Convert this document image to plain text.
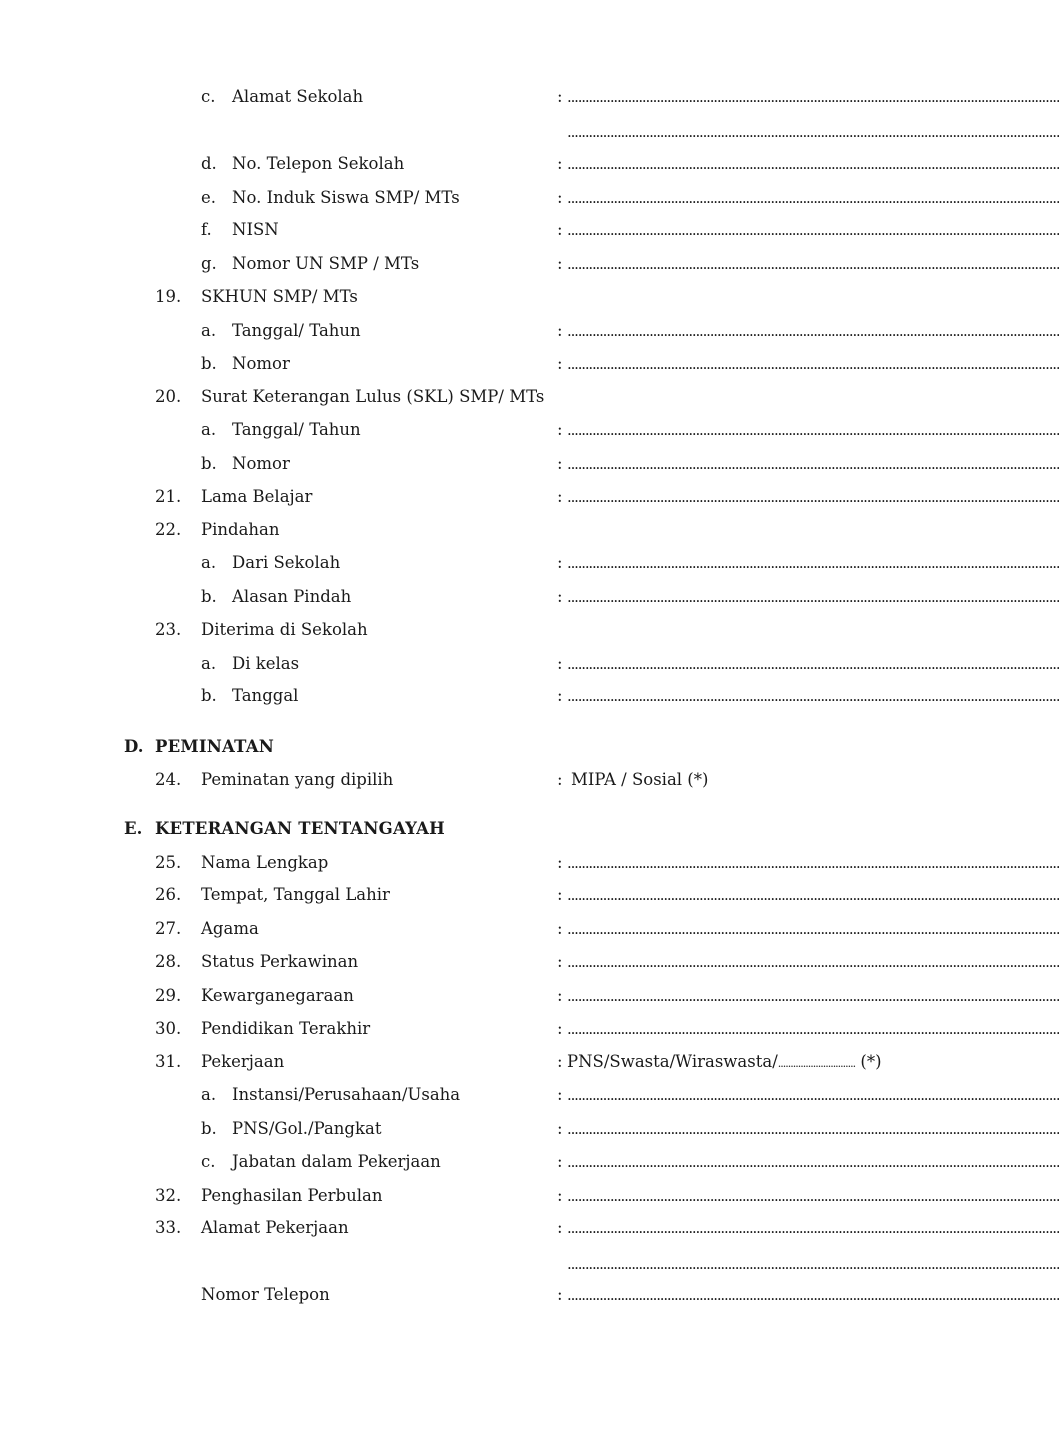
c. Alamat Sekolah	: ..........................................................................................................................................
..........................................................................................................................................
d. No. Telepon Sekolah	: ..........................................................................................................................................
e. No. Induk Siswa SMP/ MTs	: ..........................................................................................................................................
f. NISN	: ..........................................................................................................................................
g. Nomor UN SMP / MTs	: ..........................................................................................................................................
19. SKHUN SMP/ MTs
a. Tanggal/ Tahun	: ..........................................................................................................................................
b. Nomor	: ..........................................................................................................................................
20. Surat Keterangan Lulus (SKL) SMP/ MTs
a. Tanggal/ Tahun	: ..........................................................................................................................................
b. Nomor	: ..........................................................................................................................................
21. Lama Belajar	: ..........................................................................................................................................
22. Pindahan
a. Dari Sekolah	: ..........................................................................................................................................
b. Alasan Pindah	: ..........................................................................................................................................
23. Diterima di Sekolah
a. Di kelas	: ..........................................................................................................................................
b. Tanggal	: ..........................................................................................................................................
D. PEMINATAN
24. Peminatan yang dipilih	: MIPA / Sosial (*)
E. KETERANGAN TENTANGAYAH
25. Nama Lengkap	: ..........................................................................................................................................
26. Tempat, Tanggal Lahir	: ..........................................................................................................................................
27. Agama	: ..........................................................................................................................................
28. Status Perkawinan	: ..........................................................................................................................................
29. Kewarganegaraan	: ..........................................................................................................................................
30. Pendidikan Terakhir	: ..........................................................................................................................................
31. Pekerjaan	: PNS/Swasta/Wiraswasta/............................... (*)
a. Instansi/Perusahaan/Usaha	: ..........................................................................................................................................
b. PNS/Gol./Pangkat	: ..........................................................................................................................................
c. Jabatan dalam Pekerjaan	: ..........................................................................................................................................
32. Penghasilan Perbulan	: ..........................................................................................................................................
33. Alamat Pekerjaan	: ..........................................................................................................................................
..........................................................................................................................................
Nomor Telepon	: ..........................................................................................................................................
